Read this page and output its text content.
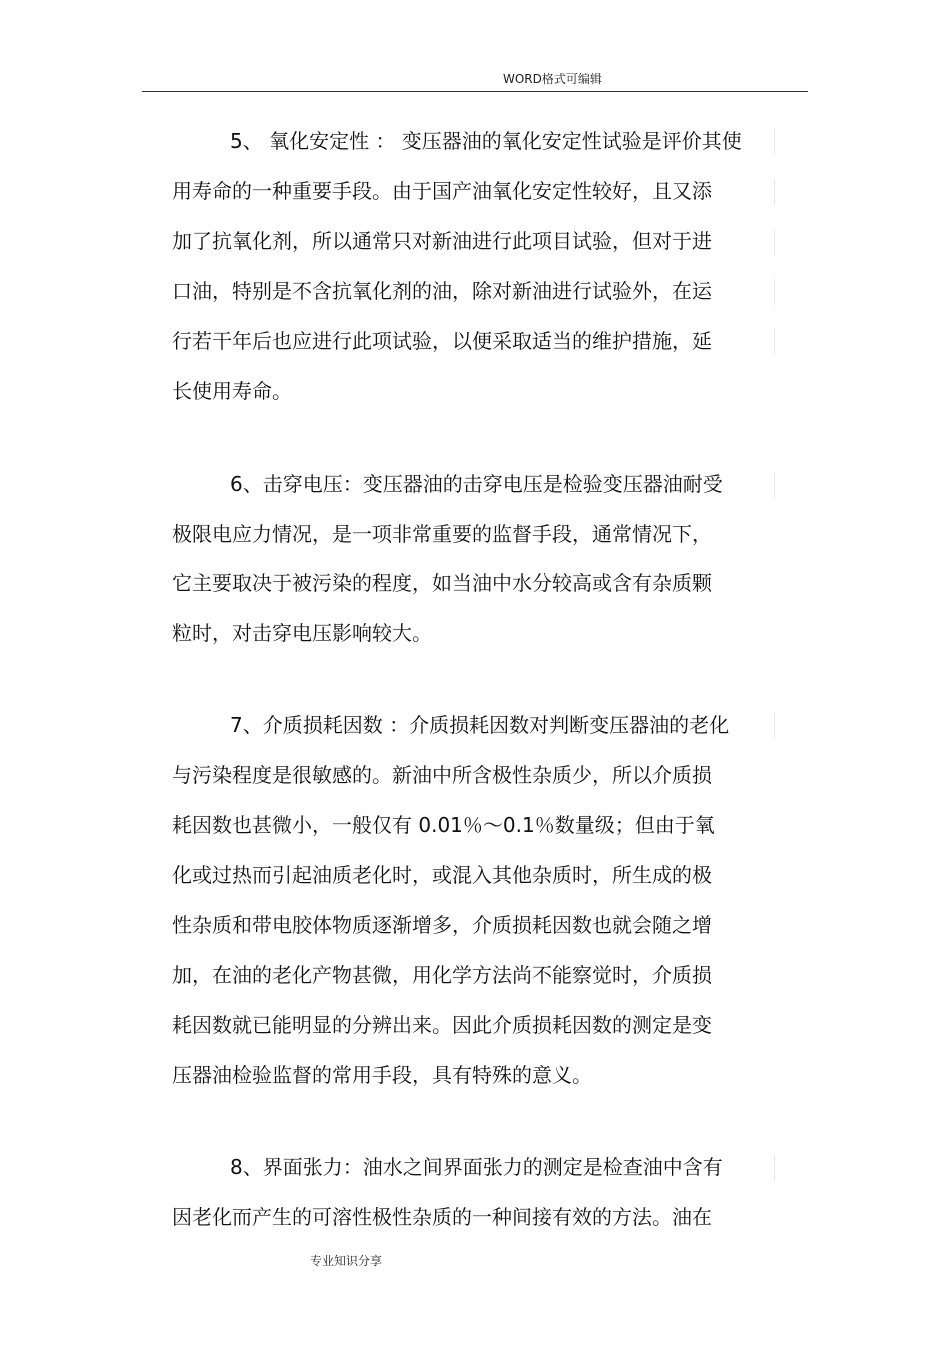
WORD格式可编辑
5、 氧化安定性 ： 变压器油的氧化安定性试验是评价其使
用寿命的一种重要手段。由于国产油氧化安定性较好，且又添
加了抗氧化剂，所以通常只对新油进行此项目试验，但对于进
口油，特别是不含抗氧化剂的油，除对新油进行试验外，在运
行若干年后也应进行此项试验，以便采取适当的维护措施，延
长使用寿命。
6、击穿电压：变压器油的击穿电压是检验变压器油耐受
极限电应力情况，是一项非常重要的监督手段，通常情况下，
它主要取决于被污染的程度，如当油中水分较高或含有杂质颗
粒时，对击穿电压影响较大。
7、介质损耗因数 ：介质损耗因数对判断变压器油的老化
与污染程度是很敏感的。新油中所含极性杂质少，所以介质损
耗因数也甚微小，一般仅有 0.01％～0.1％数量级；但由于氧
化或过热而引起油质老化时，或混入其他杂质时，所生成的极
性杂质和带电胶体物质逐渐增多，介质损耗因数也就会随之增
加，在油的老化产物甚微，用化学方法尚不能察觉时，介质损
耗因数就已能明显的分辨出来。因此介质损耗因数的测定是变
压器油检验监督的常用手段，具有特殊的意义。
8、界面张力：油水之间界面张力的测定是检查油中含有
因老化而产生的可溶性极性杂质的一种间接有效的方法。油在
专业知识分享
